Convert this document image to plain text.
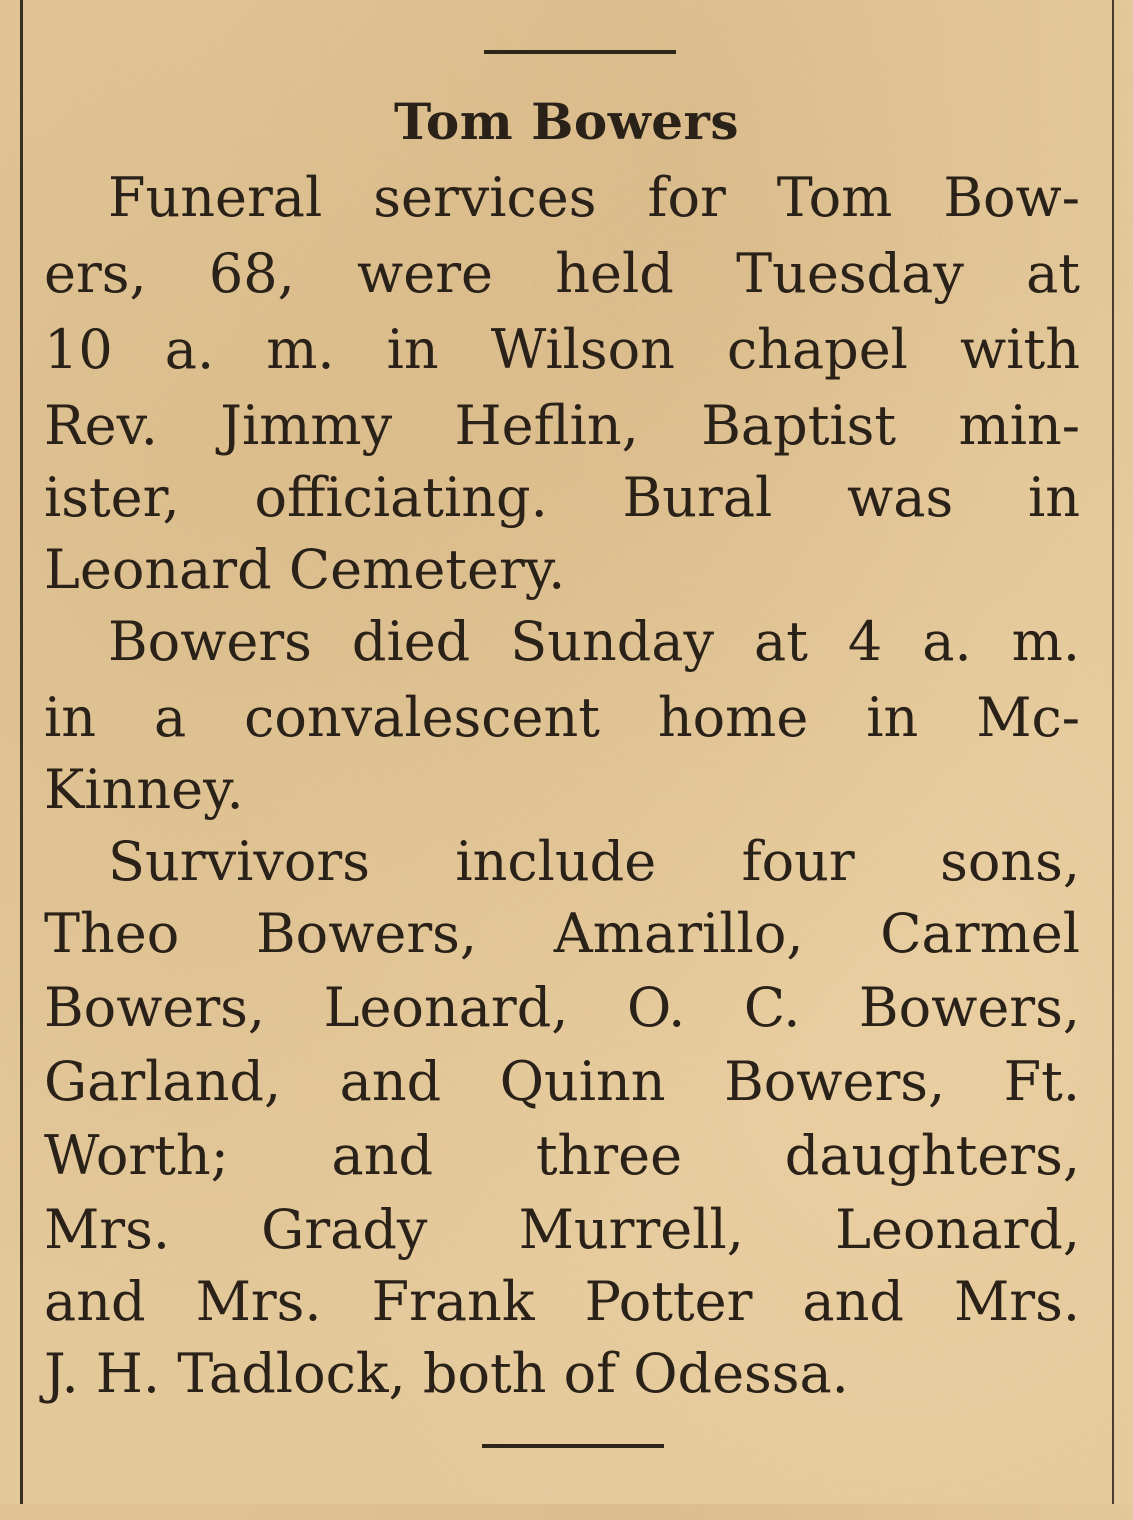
Tom Bowers
Funeral services for Tom Bow-
ers, 68, were held Tuesday at
10 a. m. in Wilson chapel with
Rev. Jimmy Heflin, Baptist min-
ister, officiating. Bural was in
Leonard Cemetery.
Bowers died Sunday at 4 a. m.
in a convalescent home in Mc-
Kinney.
Survivors include four sons,
Theo Bowers, Amarillo, Carmel
Bowers, Leonard, O. C. Bowers,
Garland, and Quinn Bowers, Ft.
Worth; and three daughters,
Mrs. Grady Murrell, Leonard,
and Mrs. Frank Potter and Mrs.
J. H. Tadlock, both of Odessa.
